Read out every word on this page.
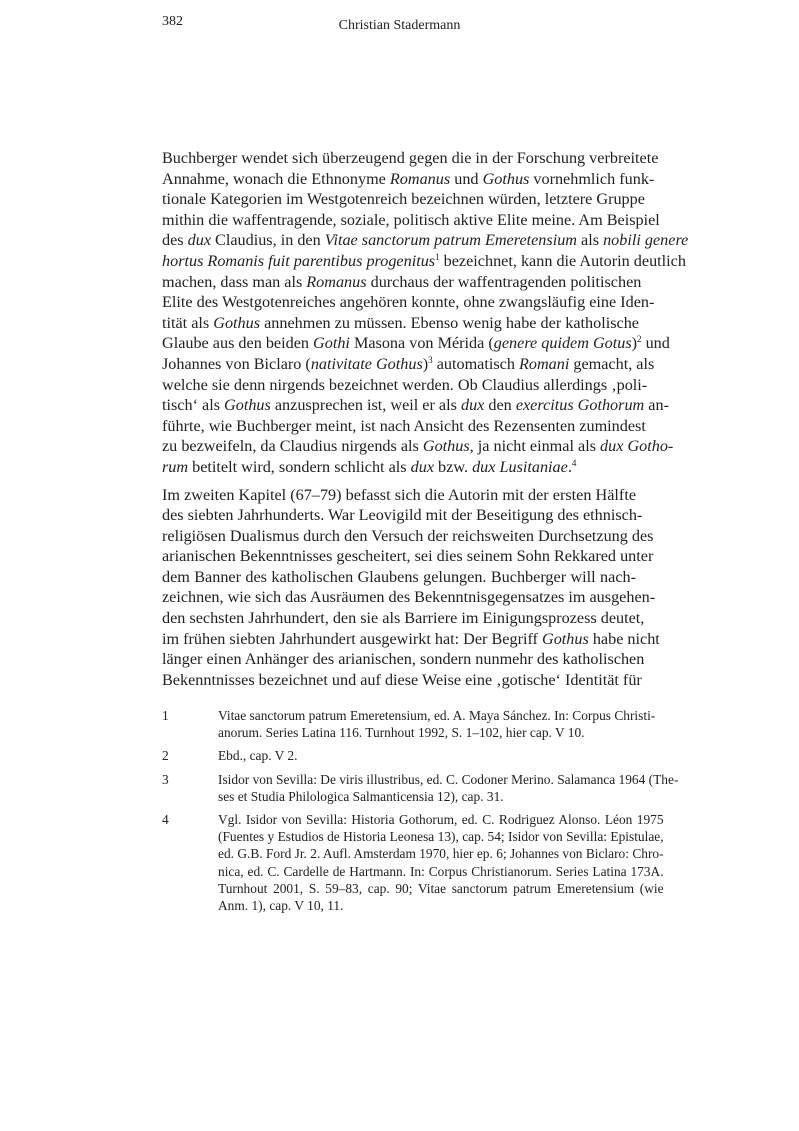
382	Christian Stadermann
Buchberger wendet sich überzeugend gegen die in der Forschung verbreitete
Annahme, wonach die Ethnonyme Romanus und Gothus vornehmlich funk-
tionale Kategorien im Westgotenreich bezeichnen würden, letztere Gruppe
mithin die waffentragende, soziale, politisch aktive Elite meine. Am Beispiel
des dux Claudius, in den Vitae sanctorum patrum Emeretensium als nobili genere
hortus Romanis fuit parentibus progenitus$^1$ bezeichnet, kann die Autorin deutlich
machen, dass man als Romanus durchaus der waffentragenden politischen
Elite des Westgotenreiches angehören konnte, ohne zwangsläufig eine Iden-
tität als Gothus annehmen zu müssen. Ebenso wenig habe der katholische
Glaube aus den beiden Gothi Masona von Mérida (genere quidem Gotus)$^2$ und
Johannes von Biclaro (nativitate Gothus)$^3$ automatisch Romani gemacht, als
welche sie denn nirgends bezeichnet werden. Ob Claudius allerdings ‚poli-
tisch‘ als Gothus anzusprechen ist, weil er als dux den exercitus Gothorum an-
führte, wie Buchberger meint, ist nach Ansicht des Rezensenten zumindest
zu bezweifeln, da Claudius nirgends als Gothus, ja nicht einmal als dux Gotho-
rum betitelt wird, sondern schlicht als dux bzw. dux Lusitaniae.$^4$
Im zweiten Kapitel (67–79) befasst sich die Autorin mit der ersten Hälfte
des siebten Jahrhunderts. War Leovigild mit der Beseitigung des ethnisch-
religiösen Dualismus durch den Versuch der reichsweiten Durchsetzung des
arianischen Bekenntnisses gescheitert, sei dies seinem Sohn Rekkared unter
dem Banner des katholischen Glaubens gelungen. Buchberger will nach-
zeichnen, wie sich das Ausräumen des Bekenntnisgegensatzes im ausgehen-
den sechsten Jahrhundert, den sie als Barriere im Einigungsprozess deutet,
im frühen siebten Jahrhundert ausgewirkt hat: Der Begriff Gothus habe nicht
länger einen Anhänger des arianischen, sondern nunmehr des katholischen
Bekenntnisses bezeichnet und auf diese Weise eine ‚gotische‘ Identität für
1	Vitae sanctorum patrum Emeretensium, ed. A. Maya Sánchez. In: Corpus Christi-
anorum. Series Latina 116. Turnhout 1992, S. 1–102, hier cap. V 10.
2	Ebd., cap. V 2.
3	Isidor von Sevilla: De viris illustribus, ed. C. Codoner Merino. Salamanca 1964 (The-
ses et Studia Philologica Salmanticensia 12), cap. 31.
4	Vgl. Isidor von Sevilla: Historia Gothorum, ed. C. Rodriguez Alonso. Léon 1975
(Fuentes y Estudios de Historia Leonesa 13), cap. 54; Isidor von Sevilla: Epistulae,
ed. G.B. Ford Jr. 2. Aufl. Amsterdam 1970, hier ep. 6; Johannes von Biclaro: Chro-
nica, ed. C. Cardelle de Hartmann. In: Corpus Christianorum. Series Latina 173A.
Turnhout 2001, S. 59–83, cap. 90; Vitae sanctorum patrum Emeretensium (wie
Anm. 1), cap. V 10, 11.
